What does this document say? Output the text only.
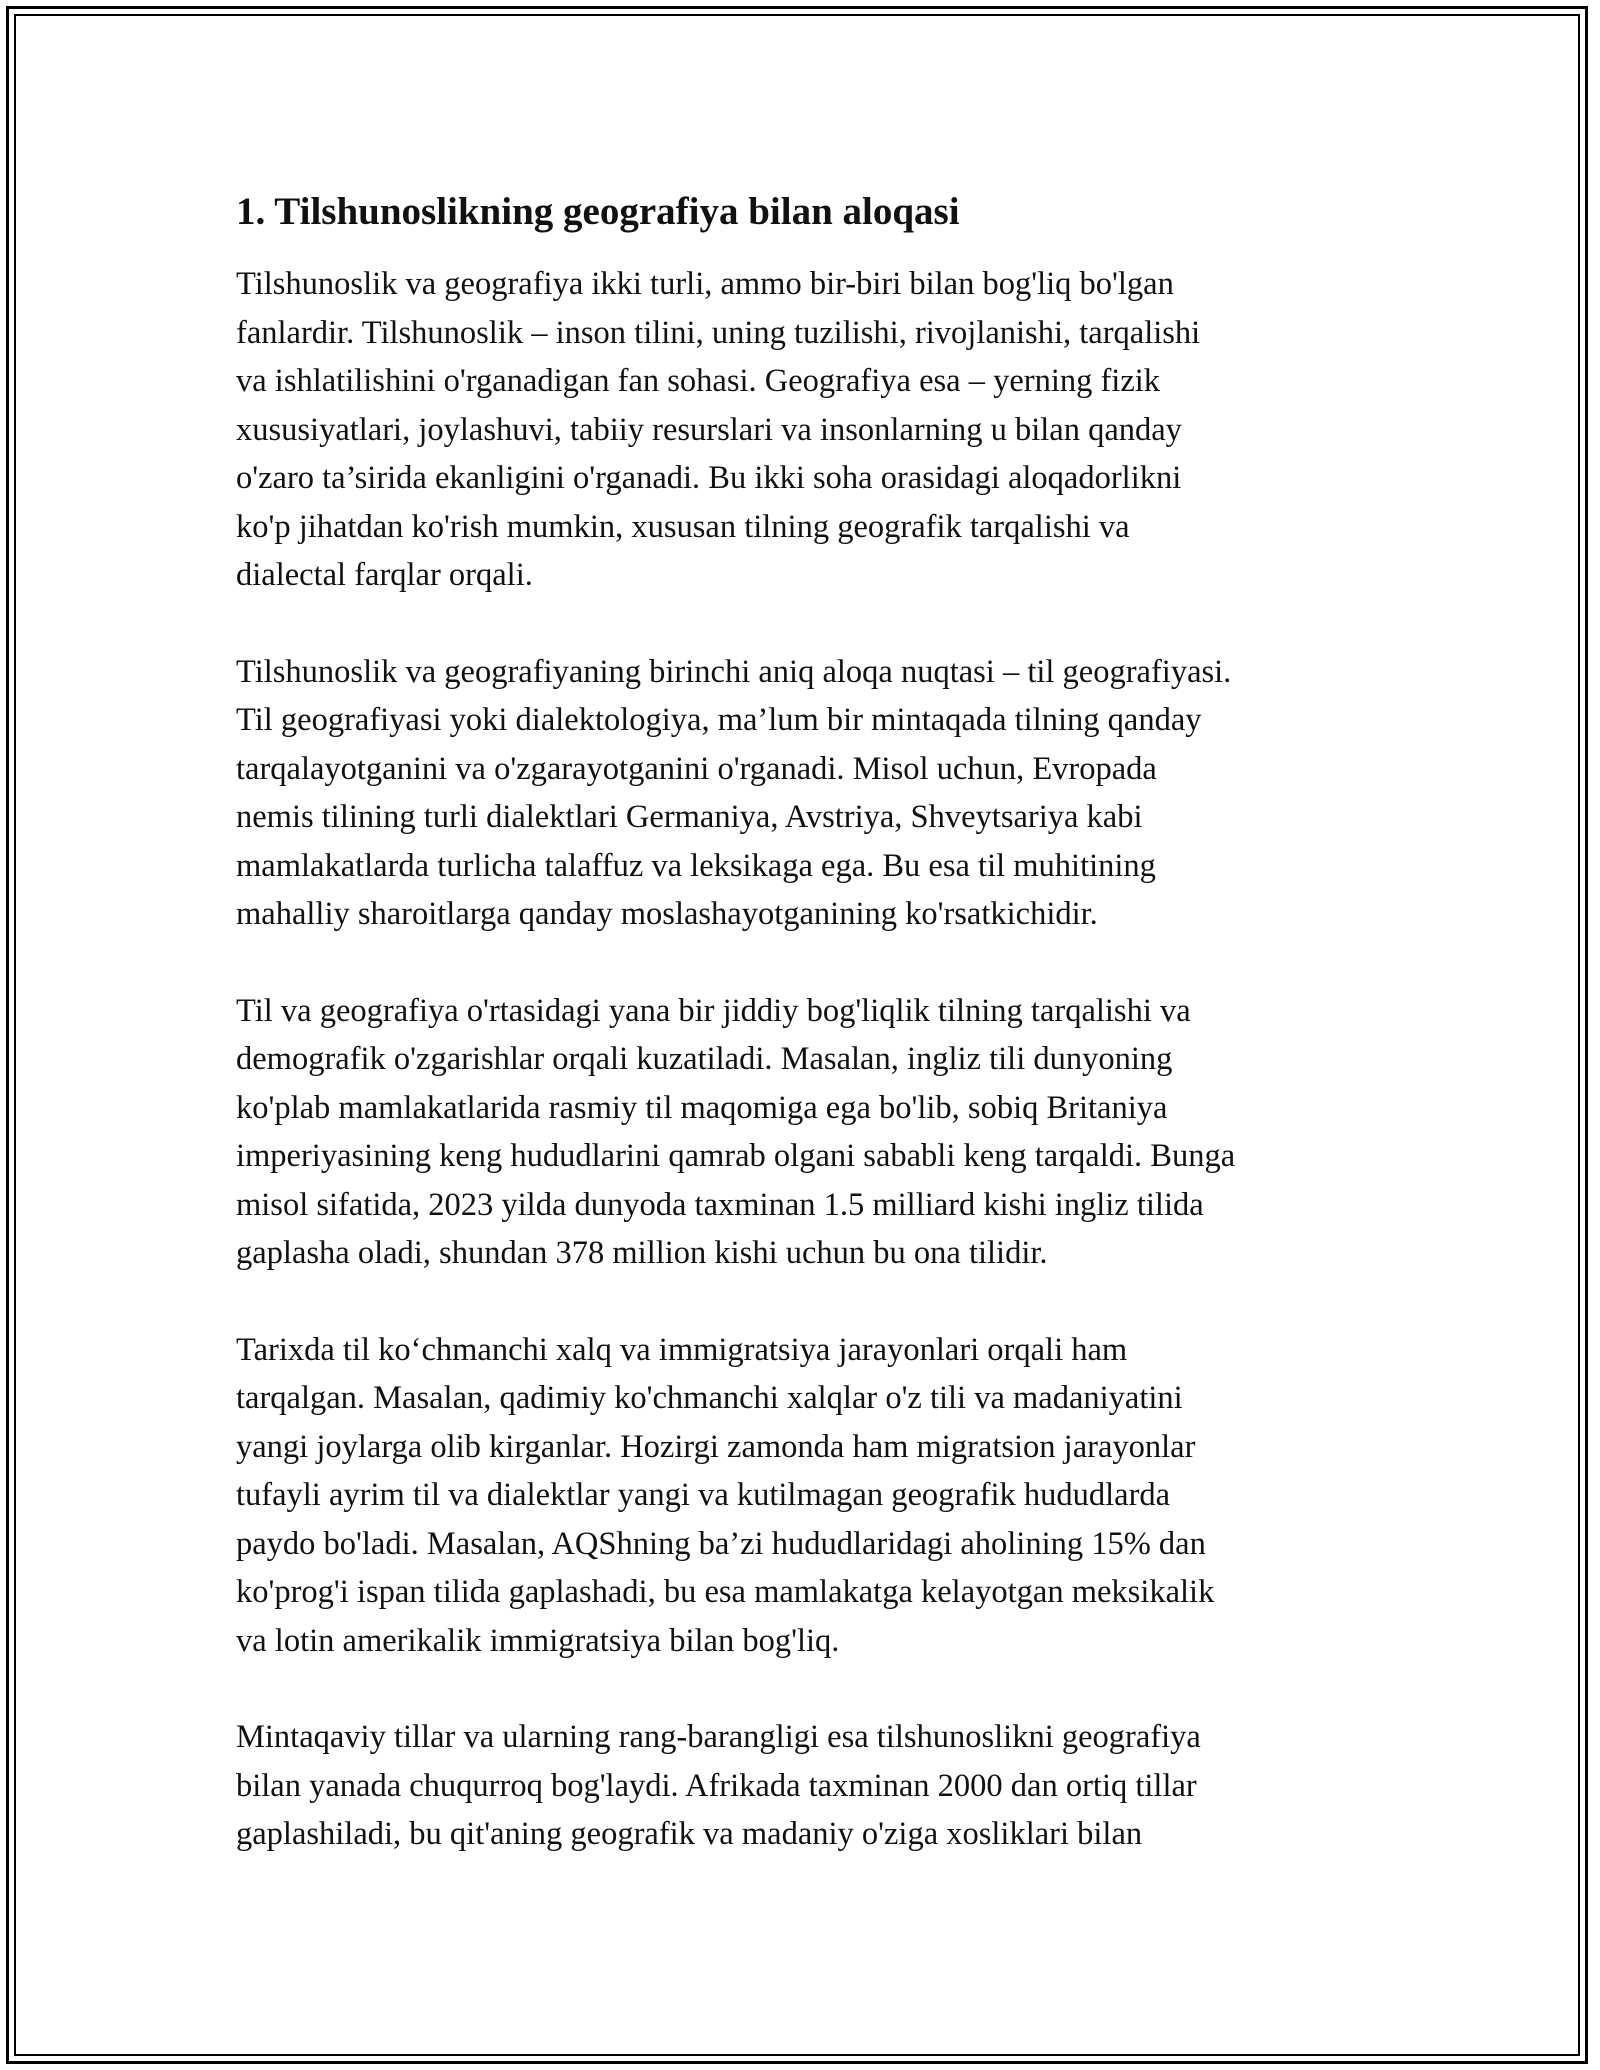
1. Tilshunoslikning geografiya bilan aloqasi

Tilshunoslik va geografiya ikki turli, ammo bir-biri bilan bog'liq bo'lgan
fanlardir. Tilshunoslik – inson tilini, uning tuzilishi, rivojlanishi, tarqalishi
va ishlatilishini o'rganadigan fan sohasi. Geografiya esa – yerning fizik
xususiyatlari, joylashuvi, tabiiy resurslari va insonlarning u bilan qanday
o'zaro ta’sirida ekanligini o'rganadi. Bu ikki soha orasidagi aloqadorlikni
ko'p jihatdan ko'rish mumkin, xususan tilning geografik tarqalishi va
dialectal farqlar orqali.

Tilshunoslik va geografiyaning birinchi aniq aloqa nuqtasi – til geografiyasi.
Til geografiyasi yoki dialektologiya, ma’lum bir mintaqada tilning qanday
tarqalayotganini va o'zgarayotganini o'rganadi. Misol uchun, Evropada
nemis tilining turli dialektlari Germaniya, Avstriya, Shveytsariya kabi
mamlakatlarda turlicha talaffuz va leksikaga ega. Bu esa til muhitining
mahalliy sharoitlarga qanday moslashayotganining ko'rsatkichidir.

Til va geografiya o'rtasidagi yana bir jiddiy bog'liqlik tilning tarqalishi va
demografik o'zgarishlar orqali kuzatiladi. Masalan, ingliz tili dunyoning
ko'plab mamlakatlarida rasmiy til maqomiga ega bo'lib, sobiq Britaniya
imperiyasining keng hududlarini qamrab olgani sababli keng tarqaldi. Bunga
misol sifatida, 2023 yilda dunyoda taxminan 1.5 milliard kishi ingliz tilida
gaplasha oladi, shundan 378 million kishi uchun bu ona tilidir.

Tarixda til ko‘chmanchi xalq va immigratsiya jarayonlari orqali ham
tarqalgan. Masalan, qadimiy ko'chmanchi xalqlar o'z tili va madaniyatini
yangi joylarga olib kirganlar. Hozirgi zamonda ham migratsion jarayonlar
tufayli ayrim til va dialektlar yangi va kutilmagan geografik hududlarda
paydo bo'ladi. Masalan, AQShning ba’zi hududlaridagi aholining 15% dan
ko'prog'i ispan tilida gaplashadi, bu esa mamlakatga kelayotgan meksikalik
va lotin amerikalik immigratsiya bilan bog'liq.

Mintaqaviy tillar va ularning rang-barangligi esa tilshunoslikni geografiya
bilan yanada chuqurroq bog'laydi. Afrikada taxminan 2000 dan ortiq tillar
gaplashiladi, bu qit'aning geografik va madaniy o'ziga xosliklari bilan
